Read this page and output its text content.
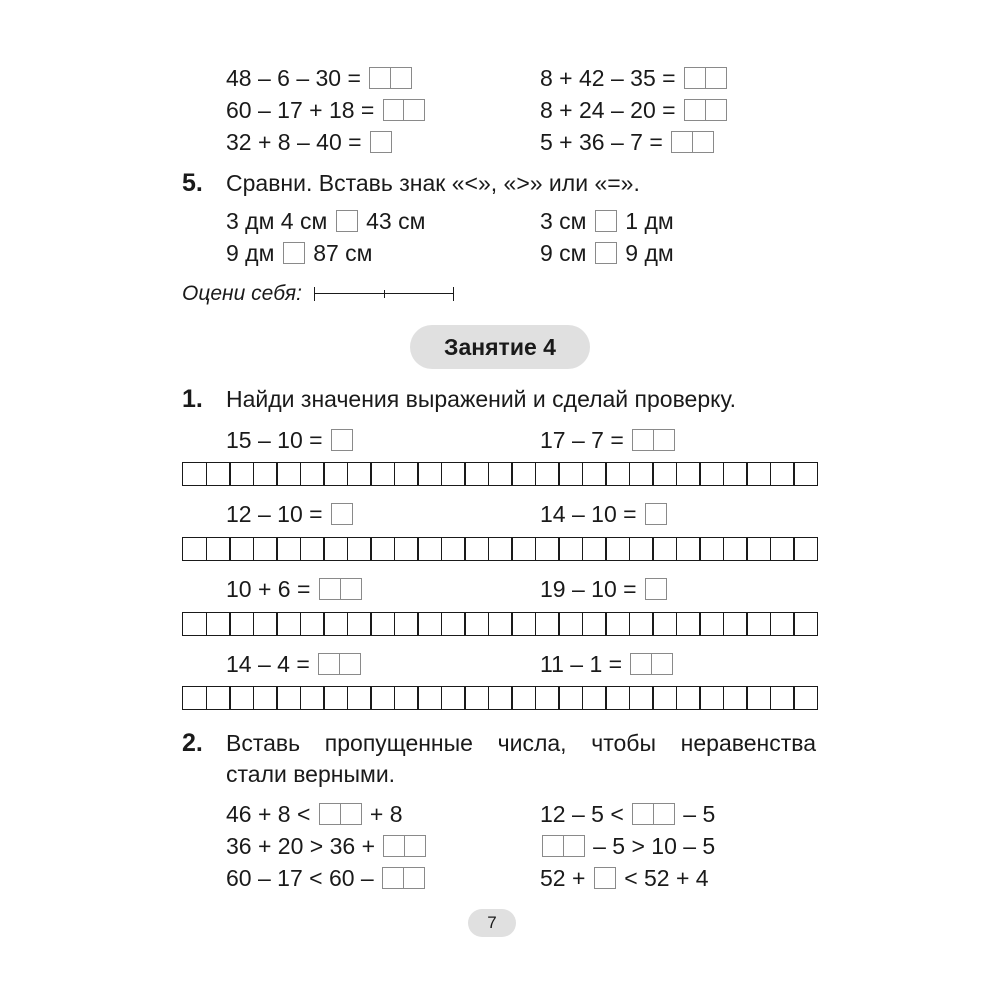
48 – 6 – 30 =

60 – 17 + 18 =

32 + 8 – 40 =

8 + 42 – 35 =

8 + 24 – 20 =

5 + 36 – 7 =

5. Сравни. Вставь знак «<», «>» или «=».
3 дм 4 см

43 см
9 дм

87 см
3 см

1 дм
9 см

9 дм
Оцени себя:
Занятие 4
1. Найди значения выражений и сделай проверку.
15 – 10 =
	17 – 7 =

12 – 10 =
	14 – 10 =

10 + 6 =
	19 – 10 =

14 – 4 =
	11 – 1 =

2. Вставь пропущенные числа, чтобы неравенства
стали верными.
46 + 8 <

	+ 8
36 + 20 > 36 +

60 – 17 < 60 –

12 – 5 <

	– 5

– 5 > 10 – 5
52 +

< 52 + 4
7
